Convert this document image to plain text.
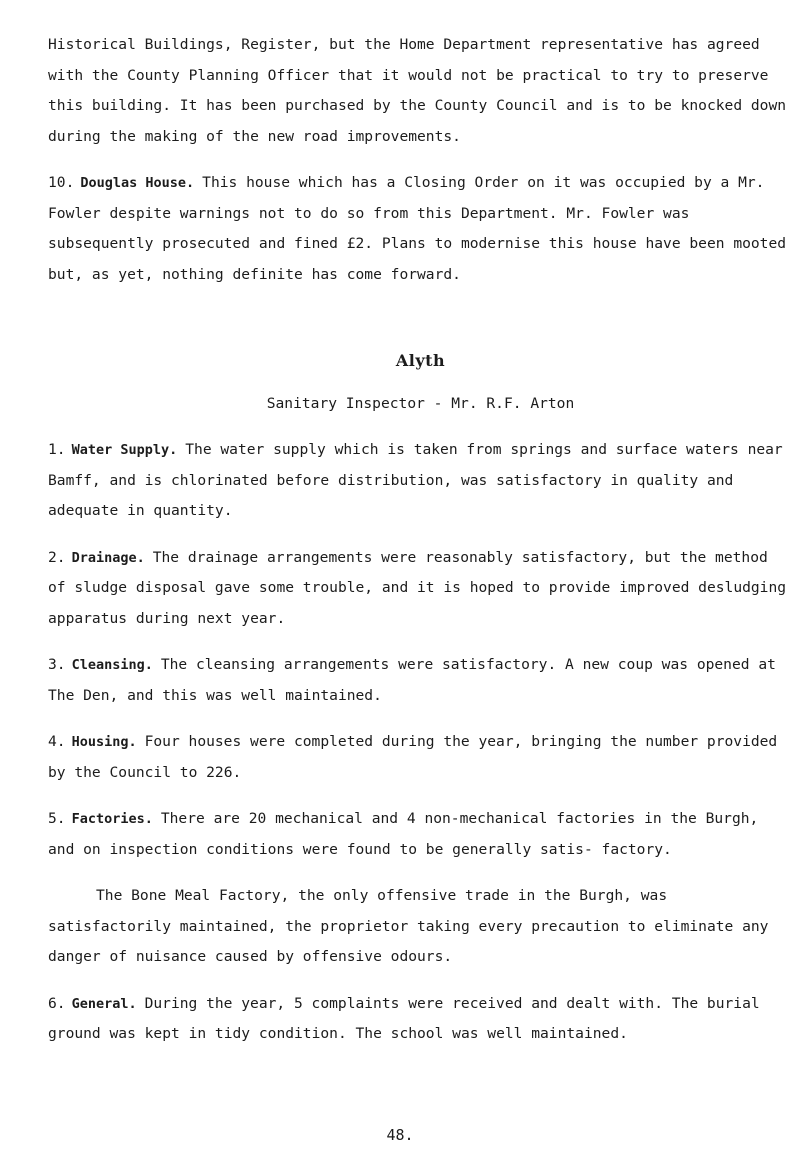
Historical Buildings, Register, but the Home Department representative has agreed with the County Planning Officer that it would not be practical to try to preserve this building. It has been purchased by the County Council and is to be knocked down during the making of the new road improvements.

10. Douglas House. This house which has a Closing Order on it was occupied by a Mr. Fowler despite warnings not to do so from this Department. Mr. Fowler was subsequently prosecuted and fined £2. Plans to modernise this house have been mooted but, as yet, nothing definite has come forward.

Alyth

Sanitary Inspector - Mr. R.F. Arton

1. Water Supply. The water supply which is taken from springs and surface waters near Bamff, and is chlorinated before distribution, was satisfactory in quality and adequate in quantity.

2. Drainage. The drainage arrangements were reasonably satisfactory, but the method of sludge disposal gave some trouble, and it is hoped to provide improved desludging apparatus during next year.

3. Cleansing. The cleansing arrangements were satisfactory. A new coup was opened at The Den, and this was well maintained.

4. Housing. Four houses were completed during the year, bringing the number provided by the Council to 226.

5. Factories. There are 20 mechanical and 4 non-mechanical factories in the Burgh, and on inspection conditions were found to be generally satis- factory.

The Bone Meal Factory, the only offensive trade in the Burgh, was satisfactorily maintained, the proprietor taking every precaution to eliminate any danger of nuisance caused by offensive odours.

6. General. During the year, 5 complaints were received and dealt with. The burial ground was kept in tidy condition. The school was well maintained.

48.
